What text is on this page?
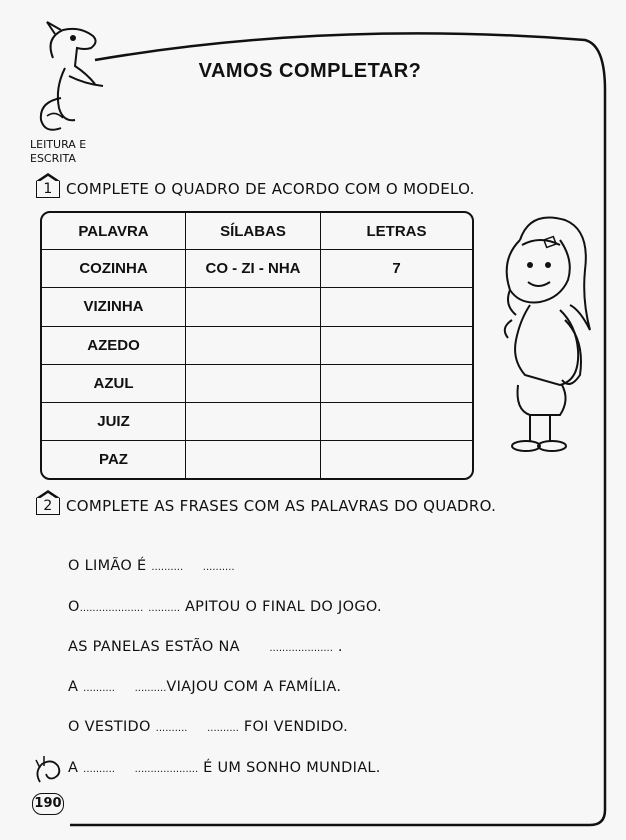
LEITURA E
ESCRITA
VAMOS COMPLETAR?
1 COMPLETE O QUADRO DE ACORDO COM O MODELO.
PALAVRA	SÍLABAS	LETRAS
COZINHA	CO - ZI - NHA	7
VIZINHA		
AZEDO		
AZUL		
JUIZ		
PAZ		
2 COMPLETE AS FRASES COM AS PALAVRAS DO QUADRO.
O LIMÃO É .......... ..........
O.................... .......... APITOU O FINAL DO JOGO.
AS PANELAS ESTÃO NA	.................... .
A .......... ..........VIAJOU COM A FAMÍLIA.
O VESTIDO .......... .......... FOI VENDIDO.
A .......... .................... É UM SONHO MUNDIAL.
190
